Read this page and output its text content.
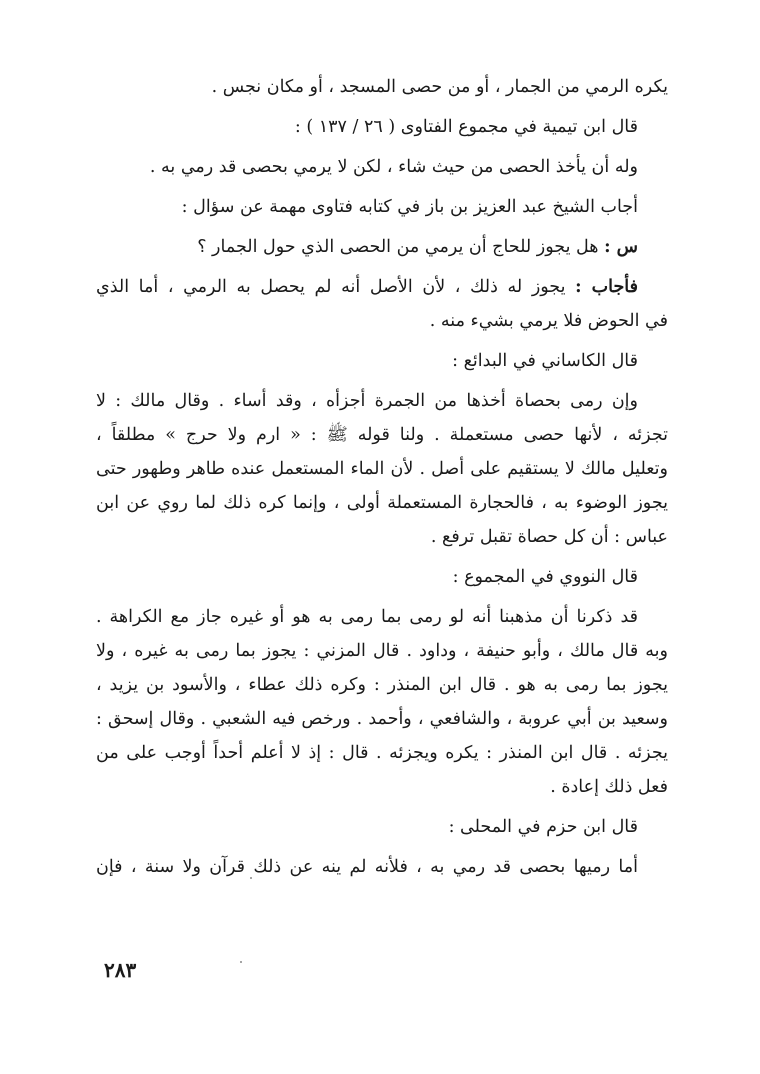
يكره الرمي من الجمار ، أو من حصى المسجد ، أو مكان نجس .
قال ابن تيمية في مجموع الفتاوى ( ٢٦ / ١٣٧ ) :
وله أن يأخذ الحصى من حيث شاء ، لكن لا يرمي بحصى قد رمي به .
أجاب الشيخ عبد العزيز بن باز في كتابه فتاوى مهمة عن سؤال :
س : هل يجوز للحاج أن يرمي من الحصى الذي حول الجمار ؟
فأجاب : يجوز له ذلك ، لأن الأصل أنه لم يحصل به الرمي ، أما الذي
في الحوض فلا يرمي بشيء منه .
قال الكاساني في البدائع :
وإن رمى بحصاة أخذها من الجمرة أجزأه ، وقد أساء . وقال مالك : لا
تجزئه ، لأنها حصى مستعملة . ولنا قوله ﷺ : « ارم ولا حرج » مطلقاً ،
وتعليل مالك لا يستقيم على أصل . لأن الماء المستعمل عنده طاهر وطهور حتى
يجوز الوضوء به ، فالحجارة المستعملة أولى ، وإنما كره ذلك لما روي عن ابن
عباس : أن كل حصاة تقبل ترفع .
قال النووي في المجموع :
قد ذكرنا أن مذهبنا أنه لو رمى بما رمى به هو أو غيره جاز مع الكراهة .
وبه قال مالك ، وأبو حنيفة ، وداود . قال المزني : يجوز بما رمى به غيره ، ولا
يجوز بما رمى به هو . قال ابن المنذر : وكره ذلك عطاء ، والأسود بن يزيد ،
وسعيد بن أبي عروبة ، والشافعي ، وأحمد . ورخص فيه الشعبي . وقال إسحق :
يجزئه . قال ابن المنذر : يكره ويجزئه . قال : إذ لا أعلم أحداً أوجب على من
فعل ذلك إعادة .
قال ابن حزم في المحلى :
أما رميها بحصى قد رمي به ، فلأنه لم ينه عن ذلك قرآن ولا سنة ، فإن
٢٨٣
